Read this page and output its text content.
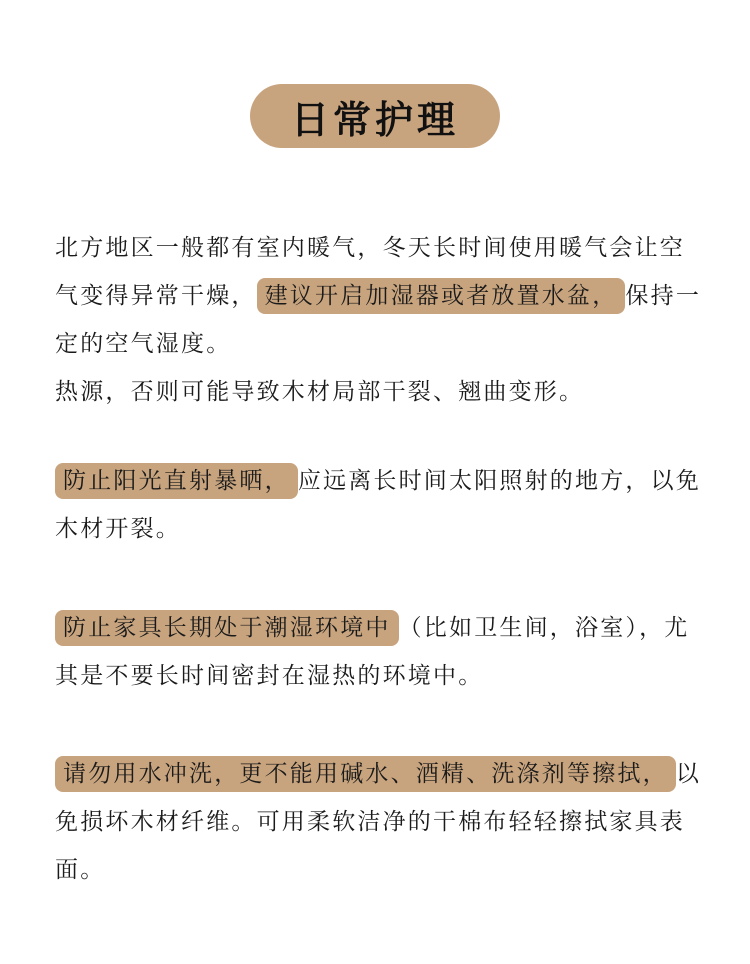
日常护理

北方地区一般都有室内暖气，冬天长时间使用暖气会让空气变得异常干燥， 建议开启加湿器或者放置水盆， 保持一定的空气湿度。
热源，否则可能导致木材局部干裂、翘曲变形。

防止阳光直射暴晒， 应远离长时间太阳照射的地方，以免木材开裂。

防止家具长期处于潮湿环境中 （比如卫生间，浴室），尤其是不要长时间密封在湿热的环境中。

请勿用水冲洗，更不能用碱水、酒精、洗涤剂等擦拭， 以免损坏木材纤维。可用柔软洁净的干棉布轻轻擦拭家具表面。
